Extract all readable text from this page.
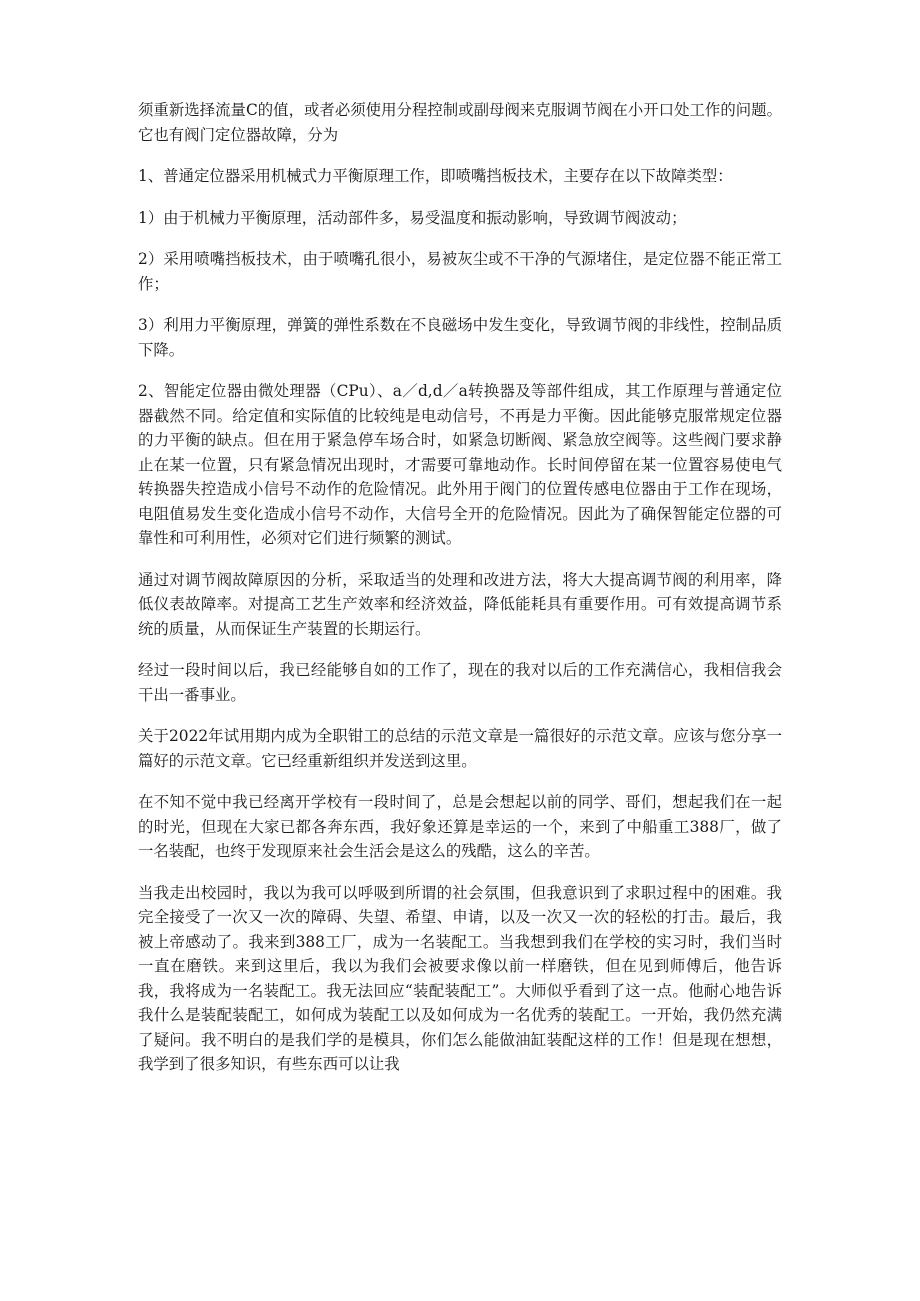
须重新选择流量C的值，或者必须使用分程控制或副母阀来克服调节阀在小开口处工作的问题。它也有阀门定位器故障，分为

1、普通定位器采用机械式力平衡原理工作，即喷嘴挡板技术，主要存在以下故障类型：

1）由于机械力平衡原理，活动部件多，易受温度和振动影响，导致调节阀波动；

2）采用喷嘴挡板技术，由于喷嘴孔很小，易被灰尘或不干净的气源堵住，是定位器不能正常工作；

3）利用力平衡原理，弹簧的弹性系数在不良磁场中发生变化，导致调节阀的非线性，控制品质下降。

2、智能定位器由微处理器（CPu）、a／d,d／a转换器及等部件组成，其工作原理与普通定位器截然不同。给定值和实际值的比较纯是电动信号，不再是力平衡。因此能够克服常规定位器的力平衡的缺点。但在用于紧急停车场合时，如紧急切断阀、紧急放空阀等。这些阀门要求静止在某一位置，只有紧急情况出现时，才需要可靠地动作。长时间停留在某一位置容易使电气转换器失控造成小信号不动作的危险情况。此外用于阀门的位置传感电位器由于工作在现场，电阻值易发生变化造成小信号不动作，大信号全开的危险情况。因此为了确保智能定位器的可靠性和可利用性，必须对它们进行频繁的测试。

通过对调节阀故障原因的分析，采取适当的处理和改进方法，将大大提高调节阀的利用率，降低仪表故障率。对提高工艺生产效率和经济效益，降低能耗具有重要作用。可有效提高调节系统的质量，从而保证生产装置的长期运行。

经过一段时间以后，我已经能够自如的工作了，现在的我对以后的工作充满信心，我相信我会干出一番事业。

关于2022年试用期内成为全职钳工的总结的示范文章是一篇很好的示范文章。应该与您分享一篇好的示范文章。它已经重新组织并发送到这里。

在不知不觉中我已经离开学校有一段时间了，总是会想起以前的同学、哥们，想起我们在一起的时光，但现在大家已都各奔东西，我好象还算是幸运的一个，来到了中船重工388厂，做了一名装配，也终于发现原来社会生活会是这么的残酷，这么的辛苦。

当我走出校园时，我以为我可以呼吸到所谓的社会氛围，但我意识到了求职过程中的困难。我完全接受了一次又一次的障碍、失望、希望、申请，以及一次又一次的轻松的打击。最后，我被上帝感动了。我来到388工厂，成为一名装配工。当我想到我们在学校的实习时，我们当时一直在磨铁。来到这里后，我以为我们会被要求像以前一样磨铁，但在见到师傅后，他告诉我，我将成为一名装配工。我无法回应“装配装配工”。大师似乎看到了这一点。他耐心地告诉我什么是装配装配工，如何成为装配工以及如何成为一名优秀的装配工。一开始，我仍然充满了疑问。我不明白的是我们学的是模具，你们怎么能做油缸装配这样的工作！但是现在想想，我学到了很多知识，有些东西可以让我
